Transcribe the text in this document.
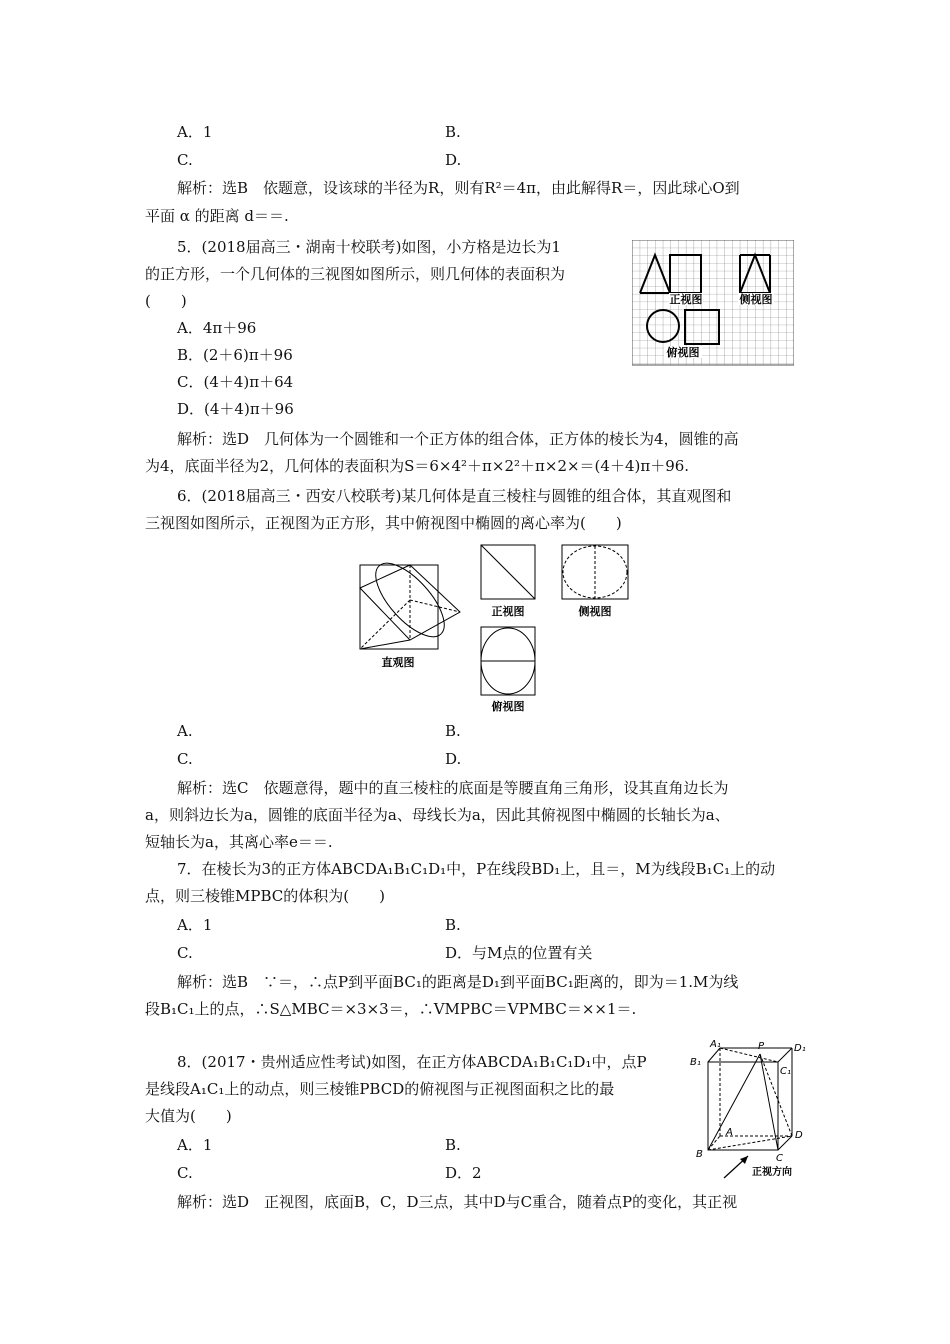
A．1	B.
C.	D.
解析：选B　依题意，设该球的半径为R，则有R²＝4π，由此解得R＝，因此球心O到
平面 α 的距离 d＝＝.
5．(2018届高三・湖南十校联考)如图，小方格是边长为1
的正方形，一个几何体的三视图如图所示，则几何体的表面积为
(　　)
A．4π＋96
B．(2＋6)π＋96
C．(4＋4)π＋64
D．(4＋4)π＋96
解析：选D　几何体为一个圆锥和一个正方体的组合体，正方体的棱长为4，圆锥的高
为4，底面半径为2，几何体的表面积为S＝6×4²＋π×2²＋π×2×＝(4＋4)π＋96.
正视图	侧视图
俯视图
6．(2018届高三・西安八校联考)某几何体是直三棱柱与圆锥的组合体，其直观图和
三视图如图所示，正视图为正方形，其中俯视图中椭圆的离心率为(　　)
直观图
正视图	侧视图
俯视图
A.	B.
C.	D.
解析：选C　依题意得，题中的直三棱柱的底面是等腰直角三角形，设其直角边长为
a，则斜边长为a，圆锥的底面半径为a、母线长为a，因此其俯视图中椭圆的长轴长为a、
短轴长为a，其离心率e＝＝.
7．在棱长为3的正方体ABCDA₁B₁C₁D₁中，P在线段BD₁上，且＝，M为线段B₁C₁上的动
点，则三棱锥MPBC的体积为(　　)
A．1	B.
C.	D．与M点的位置有关
解析：选B　∵＝，∴点P到平面BC₁的距离是D₁到平面BC₁距离的，即为＝1.M为线
段B₁C₁上的点，∴S△MBC＝×3×3＝，∴VMPBC＝VPMBC＝××1＝.
8．(2017・贵州适应性考试)如图，在正方体ABCDA₁B₁C₁D₁中，点P
是线段A₁C₁上的动点，则三棱锥PBCD的俯视图与正视图面积之比的最
大值为(　　)
A．1	B.
C.	D．2
解析：选D　正视图，底面B，C，D三点，其中D与C重合，随着点P的变化，其正视
A₁	P	D₁
B₁
C₁
A	D
B	C
正视方向
